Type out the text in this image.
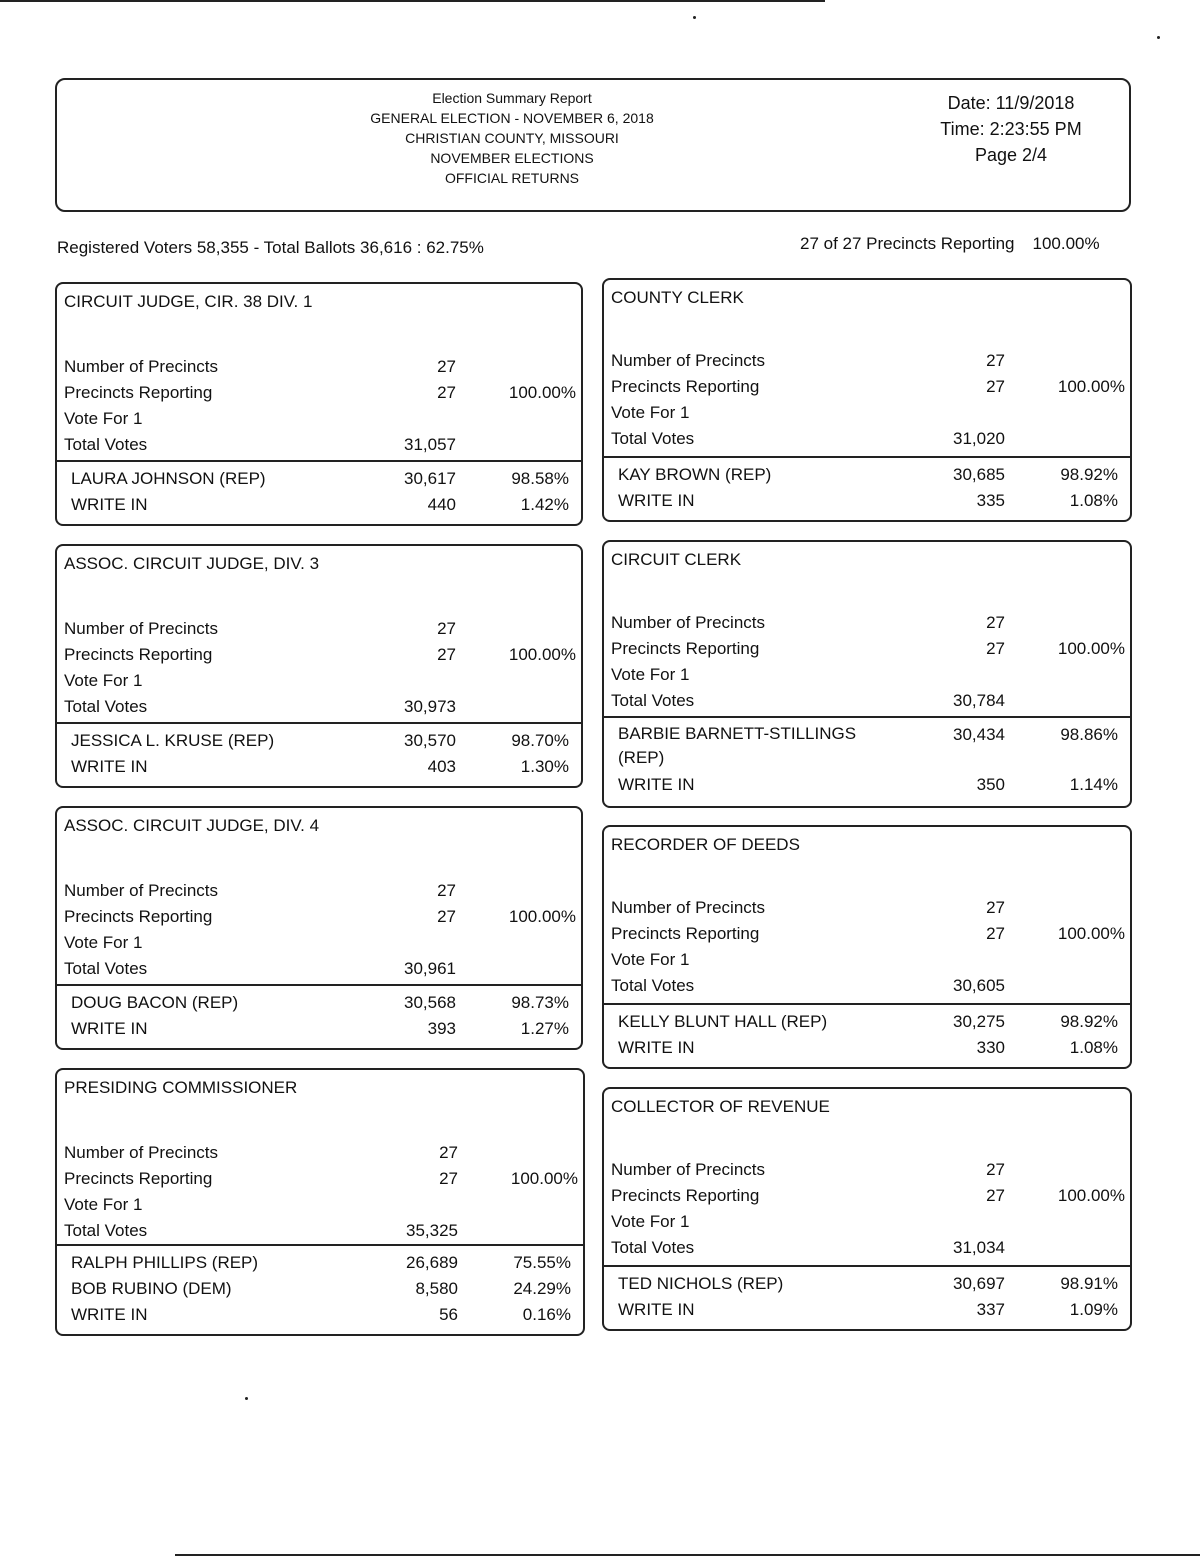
Election Summary Report
GENERAL ELECTION - NOVEMBER 6, 2018
CHRISTIAN COUNTY, MISSOURI
NOVEMBER ELECTIONS
OFFICIAL RETURNS
Date: 11/9/2018
Time: 2:23:55 PM
Page 2/4
Registered Voters 58,355 - Total Ballots 36,616 : 62.75%	27 of 27 Precincts Reporting 100.00%
CIRCUIT JUDGE, CIR. 38 DIV. 1
Number of Precincts	27
Precincts Reporting	27	100.00%
Vote For 1
Total Votes	31,057
LAURA JOHNSON (REP)	30,617	98.58%
WRITE IN	440	1.42%
ASSOC. CIRCUIT JUDGE, DIV. 3
Number of Precincts	27
Precincts Reporting	27	100.00%
Vote For 1
Total Votes	30,973
JESSICA L. KRUSE (REP)	30,570	98.70%
WRITE IN	403	1.30%
ASSOC. CIRCUIT JUDGE, DIV. 4
Number of Precincts	27
Precincts Reporting	27	100.00%
Vote For 1
Total Votes	30,961
DOUG BACON (REP)	30,568	98.73%
WRITE IN	393	1.27%
PRESIDING COMMISSIONER
Number of Precincts	27
Precincts Reporting	27	100.00%
Vote For 1
Total Votes	35,325
RALPH PHILLIPS (REP)	26,689	75.55%
BOB RUBINO (DEM)	8,580	24.29%
WRITE IN	56	0.16%
COUNTY CLERK
Number of Precincts	27
Precincts Reporting	27	100.00%
Vote For 1
Total Votes	31,020
KAY BROWN (REP)	30,685	98.92%
WRITE IN	335	1.08%
CIRCUIT CLERK
Number of Precincts	27
Precincts Reporting	27	100.00%
Vote For 1
Total Votes	30,784
BARBIE BARNETT-STILLINGS (REP)
30,434	98.86%
WRITE IN	350	1.14%
RECORDER OF DEEDS
Number of Precincts	27
Precincts Reporting	27	100.00%
Vote For 1
Total Votes	30,605
KELLY BLUNT HALL (REP)	30,275	98.92%
WRITE IN	330	1.08%
COLLECTOR OF REVENUE
Number of Precincts	27
Precincts Reporting	27	100.00%
Vote For 1
Total Votes	31,034
TED NICHOLS (REP)	30,697	98.91%
WRITE IN	337	1.09%
